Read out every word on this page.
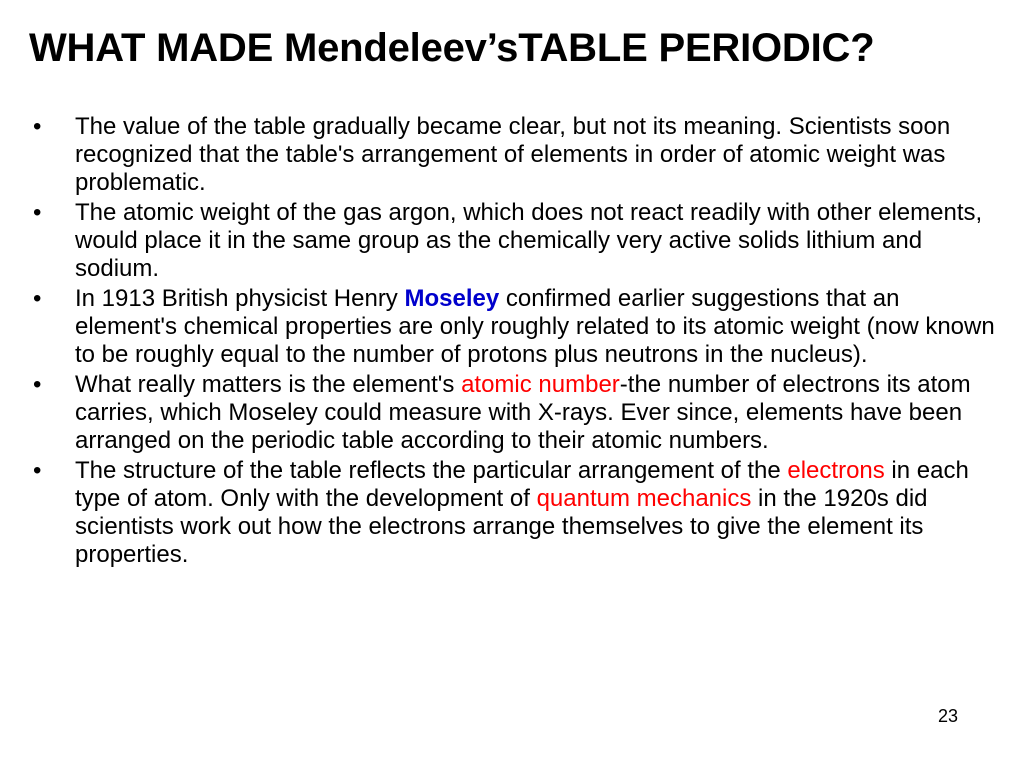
WHAT MADE Mendeleev’sTABLE PERIODIC?
• The value of the table gradually became clear, but not its meaning. Scientists soon recognized that the table's arrangement of elements in order of atomic weight was problematic.
• The atomic weight of the gas argon, which does not react readily with other elements, would place it in the same group as the chemically very active solids lithium and sodium.
• In 1913 British physicist Henry Moseley confirmed earlier suggestions that an element's chemical properties are only roughly related to its atomic weight (now known to be roughly equal to the number of protons plus neutrons in the nucleus).
• What really matters is the element's atomic number-the number of electrons its atom carries, which Moseley could measure with X-rays. Ever since, elements have been arranged on the periodic table according to their atomic numbers.
• The structure of the table reflects the particular arrangement of the electrons in each type of atom. Only with the development of quantum mechanics in the 1920s did scientists work out how the electrons arrange themselves to give the element its properties.
23
